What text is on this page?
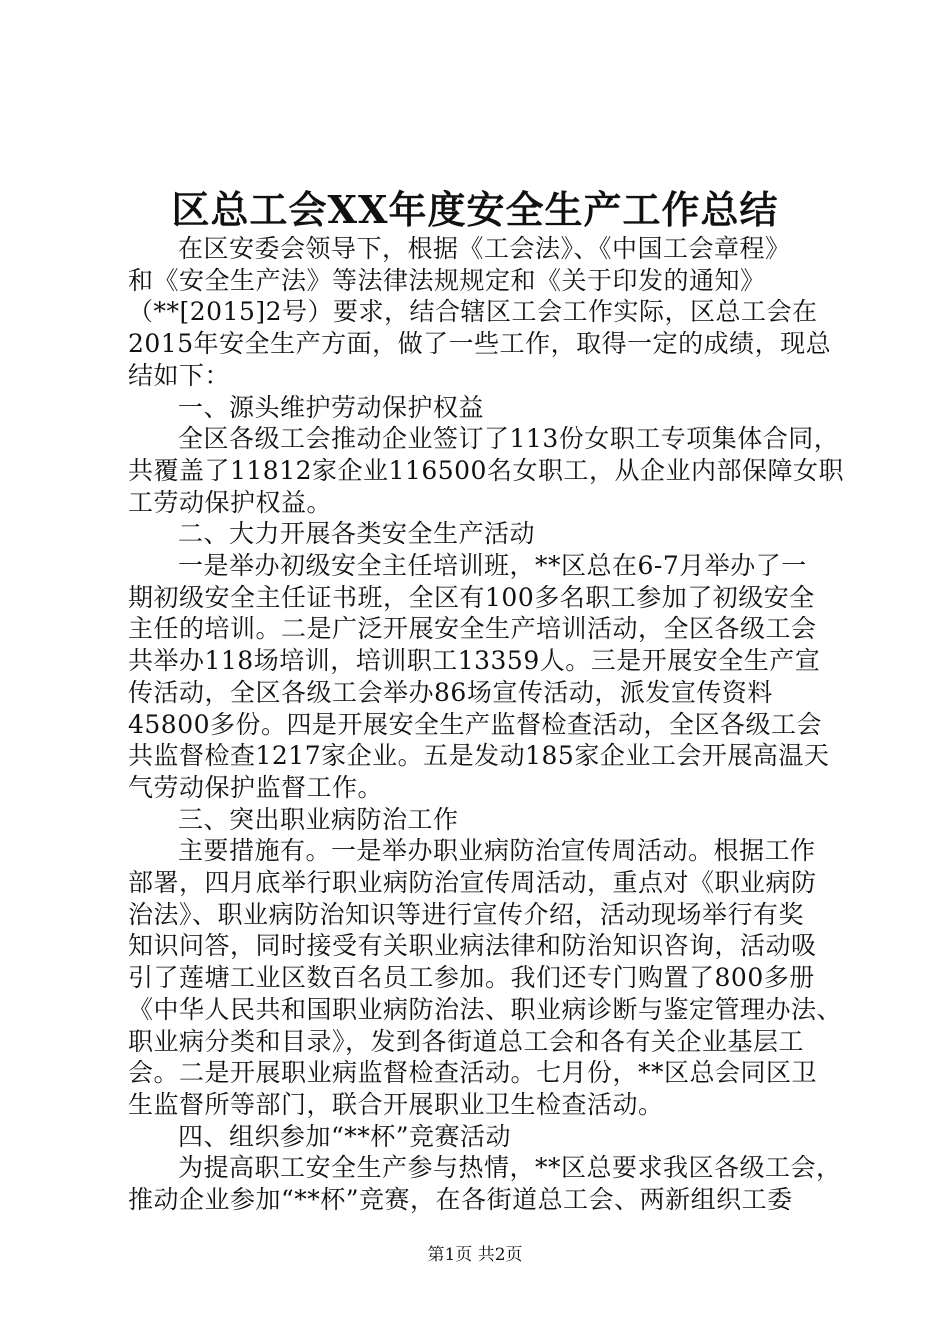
区总工会XX年度安全生产工作总结
在区安委会领导下，根据《工会法》、《中国工会章程》
和《安全生产法》等法律法规规定和《关于印发的通知》
（**[2015]2号）要求，结合辖区工会工作实际，区总工会在
2015年安全生产方面，做了一些工作，取得一定的成绩，现总
结如下：
一、源头维护劳动保护权益
全区各级工会推动企业签订了113份女职工专项集体合同，
共覆盖了11812家企业116500名女职工，从企业内部保障女职
工劳动保护权益。
二、大力开展各类安全生产活动
一是举办初级安全主任培训班，**区总在6-7月举办了一
期初级安全主任证书班，全区有100多名职工参加了初级安全
主任的培训。二是广泛开展安全生产培训活动，全区各级工会
共举办118场培训，培训职工13359人。三是开展安全生产宣
传活动，全区各级工会举办86场宣传活动，派发宣传资料
45800多份。四是开展安全生产监督检查活动，全区各级工会
共监督检查1217家企业。五是发动185家企业工会开展高温天
气劳动保护监督工作。
三、突出职业病防治工作
主要措施有。一是举办职业病防治宣传周活动。根据工作
部署，四月底举行职业病防治宣传周活动，重点对《职业病防
治法》、职业病防治知识等进行宣传介绍，活动现场举行有奖
知识问答，同时接受有关职业病法律和防治知识咨询，活动吸
引了莲塘工业区数百名员工参加。我们还专门购置了800多册
《中华人民共和国职业病防治法、职业病诊断与鉴定管理办法、
职业病分类和目录》，发到各街道总工会和各有关企业基层工
会。二是开展职业病监督检查活动。七月份，**区总会同区卫
生监督所等部门，联合开展职业卫生检查活动。
四、组织参加“**杯”竞赛活动
为提高职工安全生产参与热情，**区总要求我区各级工会，
推动企业参加“**杯”竞赛，在各街道总工会、两新组织工委
第1页 共2页
